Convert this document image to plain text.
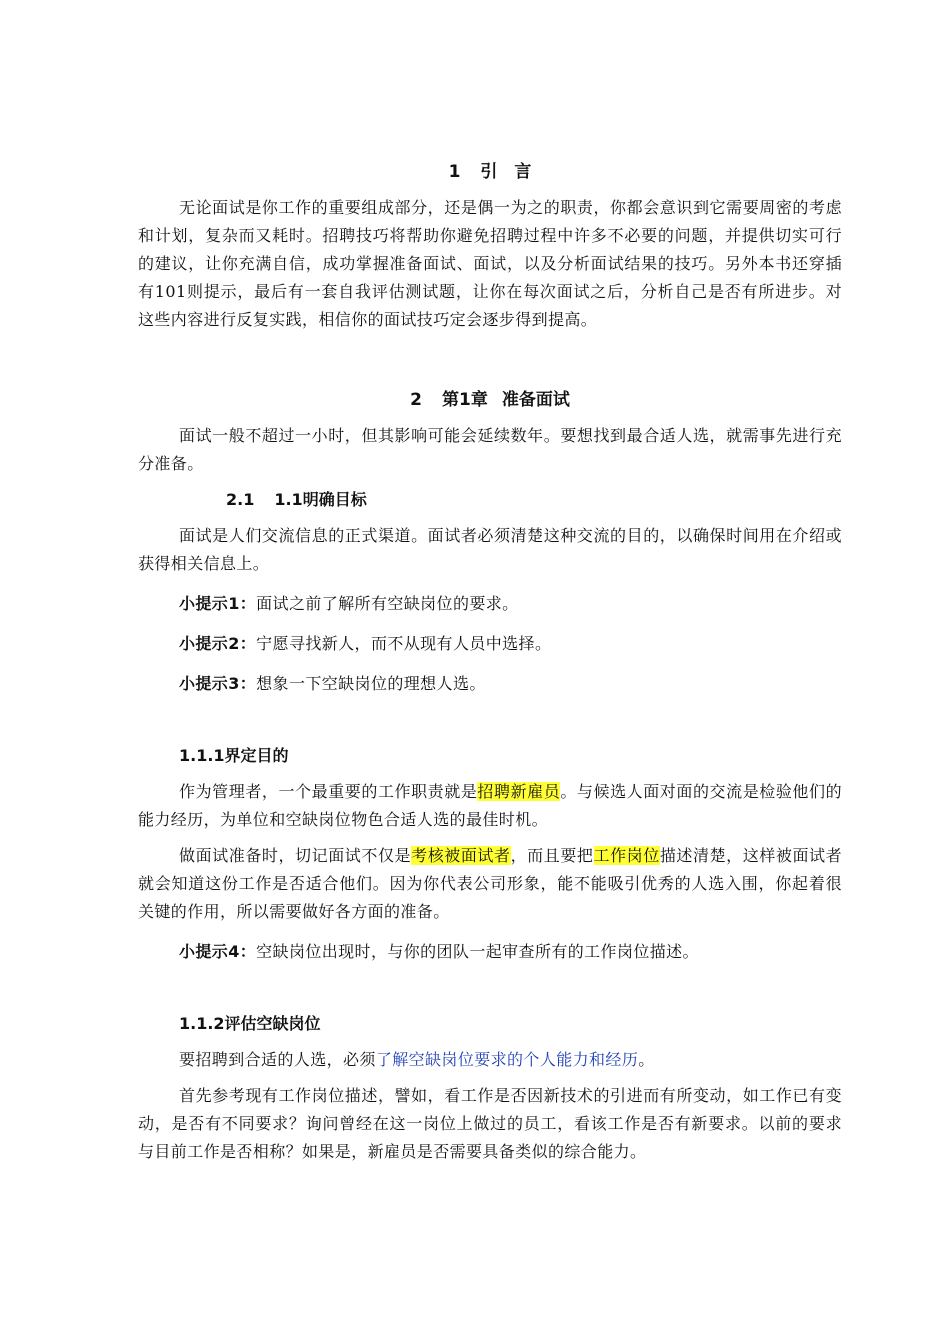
1 引　言

无论面试是你工作的重要组成部分，还是偶一为之的职责，你都会意识到它需要周密的考虑和计划，复杂而又耗时。招聘技巧将帮助你避免招聘过程中许多不必要的问题，并提供切实可行的建议，让你充满自信，成功掌握准备面试、面试，以及分析面试结果的技巧。另外本书还穿插有101则提示，最后有一套自我评估测试题，让你在每次面试之后，分析自己是否有所进步。对这些内容进行反复实践，相信你的面试技巧定会逐步得到提高。

2 第1章 准备面试

面试一般不超过一小时，但其影响可能会延续数年。要想找到最合适人选，就需事先进行充分准备。

2.1 1.1明确目标

面试是人们交流信息的正式渠道。面试者必须清楚这种交流的目的，以确保时间用在介绍或获得相关信息上。

小提示1：面试之前了解所有空缺岗位的要求。

小提示2：宁愿寻找新人，而不从现有人员中选择。

小提示3：想象一下空缺岗位的理想人选。

1.1.1界定目的

作为管理者，一个最重要的工作职责就是招聘新雇员。与候选人面对面的交流是检验他们的能力经历，为单位和空缺岗位物色合适人选的最佳时机。

做面试准备时，切记面试不仅是考核被面试者，而且要把工作岗位描述清楚，这样被面试者就会知道这份工作是否适合他们。因为你代表公司形象，能不能吸引优秀的人选入围，你起着很关键的作用，所以需要做好各方面的准备。

小提示4：空缺岗位出现时，与你的团队一起审查所有的工作岗位描述。

1.1.2评估空缺岗位

要招聘到合适的人选，必须了解空缺岗位要求的个人能力和经历。

首先参考现有工作岗位描述，譬如，看工作是否因新技术的引进而有所变动，如工作已有变动，是否有不同要求？询问曾经在这一岗位上做过的员工，看该工作是否有新要求。以前的要求与目前工作是否相称？如果是，新雇员是否需要具备类似的综合能力。
